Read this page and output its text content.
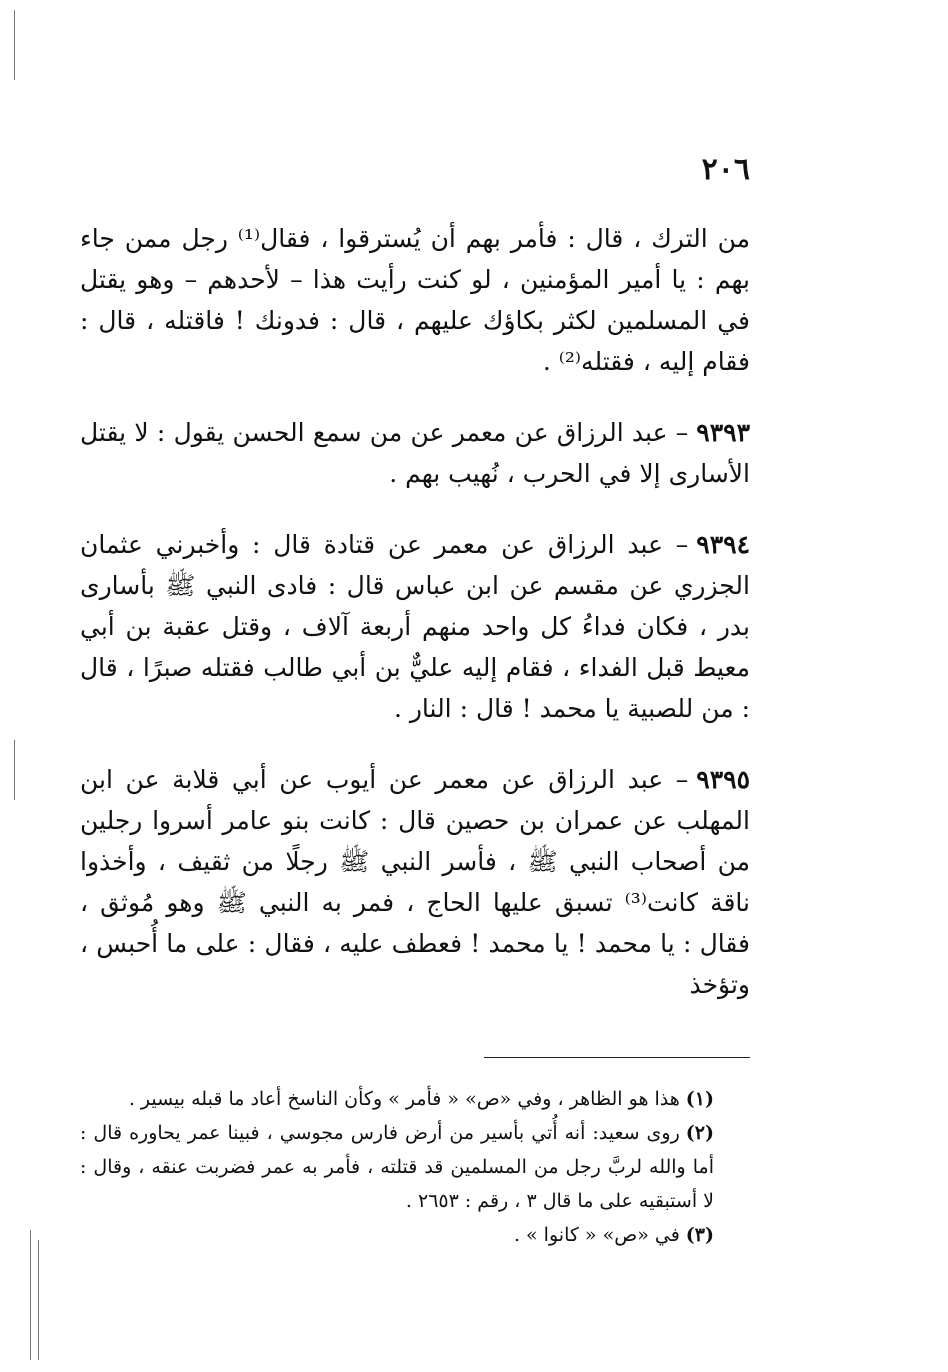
٢٠٦

من الترك ، قال : فأمر بهم أن يُسترقوا ، فقال⁽¹⁾ رجل ممن جاء بهم : يا أمير المؤمنين ، لو كنت رأيت هذا – لأحدهم – وهو يقتل في المسلمين لكثر بكاؤك عليهم ، قال : فدونك ! فاقتله ، قال : فقام إليه ، فقتله⁽²⁾ .

٩٣٩٣– عبد الرزاق عن معمر عن من سمع الحسن يقول : لا يقتل الأسارى إلا في الحرب ، نُهيب بهم .

٩٣٩٤– عبد الرزاق عن معمر عن قتادة قال : وأخبرني عثمان الجزري عن مقسم عن ابن عباس قال : فادى النبي ﷺ بأسارى بدر ، فكان فداءُ كل واحد منهم أربعة آلاف ، وقتل عقبة بن أبي معيط قبل الفداء ، فقام إليه عليٌّ بن أبي طالب فقتله صبرًا ، قال : من للصبية يا محمد ! قال : النار .

٩٣٩٥– عبد الرزاق عن معمر عن أيوب عن أبي قلابة عن ابن المهلب عن عمران بن حصين قال : كانت بنو عامر أسروا رجلين من أصحاب النبي ﷺ ، فأسر النبي ﷺ رجلًا من ثقيف ، وأخذوا ناقة كانت⁽³⁾ تسبق عليها الحاج ، فمر به النبي ﷺ وهو مُوثق ، فقال : يا محمد ! يا محمد ! فعطف عليه ، فقال : على ما أُحبس ، وتؤخذ

(١)هذا هو الظاهر ، وفي «ص» « فأمر » وكأن الناسخ أعاد ما قبله بيسير .

(٢)روى سعيد: أنه أُتي بأسير من أرض فارس مجوسي ، فبينا عمر يحاوره قال : أما والله لربَّ رجل من المسلمين قد قتلته ، فأمر به عمر فضربت عنقه ، وقال : لا أستبقيه على ما قال ٣ ، رقم : ٢٦٥٣ .

(٣)في «ص» « كانوا » .
